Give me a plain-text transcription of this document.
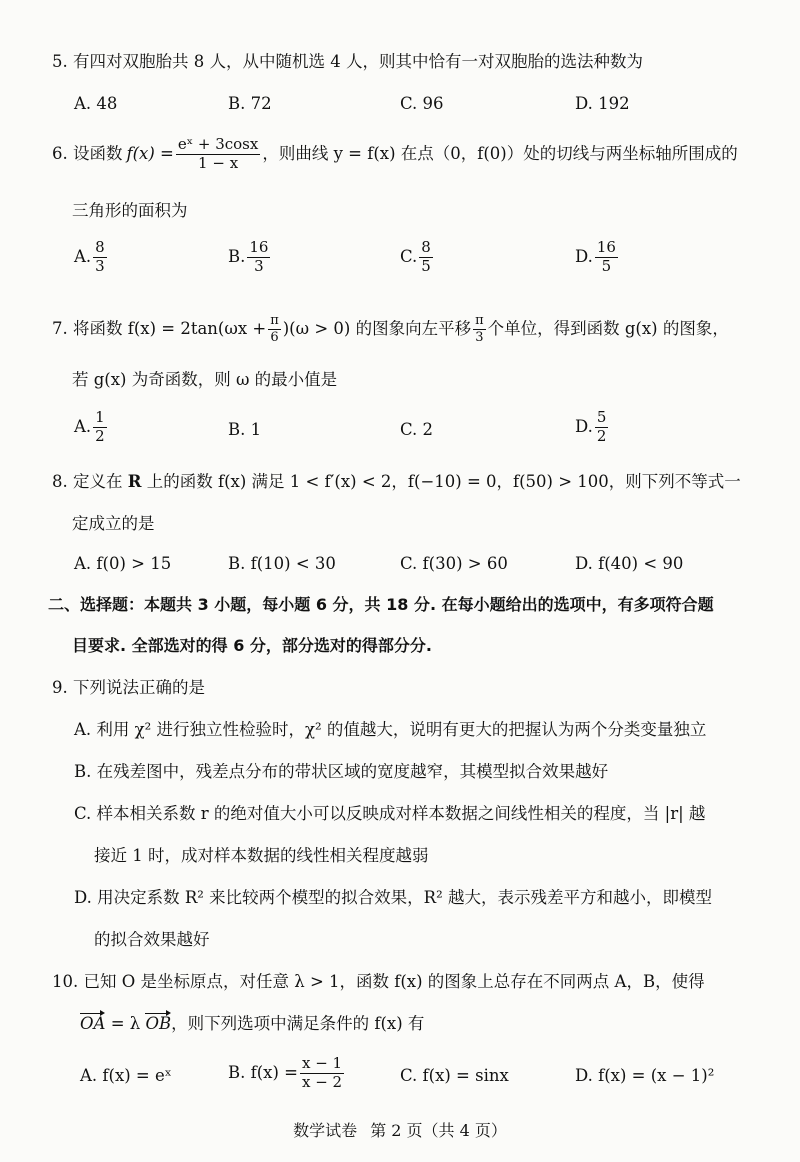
5. 有四对双胞胎共 8 人，从中随机选 4 人，则其中恰有一对双胞胎的选法种数为
A. 48	B. 72	C. 96	D. 192
6. 设函数 $f(x) = \frac{\text{eˣ + 3cosx}}{1 - x}$ ，则曲线 y = f(x) 在点（0，f(0)）处的切线与两坐标轴所围成的
三角形的面积为
A. $\frac{8}{3}$	B. $\frac{16}{3}$	C. $\frac{8}{5}$	D. $\frac{16}{5}$
7. 将函数 $f(x) = 2\tan(\omega x + \frac{\pi}{6} )(\omega > 0)$ 的图象向左平移 $\frac{\pi}{3}$ 个单位，得到函数 g(x) 的图象，
若 g(x) 为奇函数，则 ω 的最小值是
A. $\frac{1}{2}$	B. 1	C. 2	D. $\frac{5}{2}$
8. 定义在 R 上的函数 f(x) 满足 1 < f′(x) < 2，f(−10) = 0，f(50) > 100，则下列不等式一
定成立的是
A. f(0) > 15	B. f(10) < 30	C. f(30) > 60	D. f(40) < 90
二、选择题：本题共 3 小题，每小题 6 分，共 18 分. 在每小题给出的选项中，有多项符合题
目要求. 全部选对的得 6 分，部分选对的得部分分.
9. 下列说法正确的是
A. 利用 χ² 进行独立性检验时，χ² 的值越大，说明有更大的把握认为两个分类变量独立
B. 在残差图中，残差点分布的带状区域的宽度越窄，其模型拟合效果越好
C. 样本相关系数 r 的绝对值大小可以反映成对样本数据之间线性相关的程度，当 |r| 越
接近 1 时，成对样本数据的线性相关程度越弱
D. 用决定系数 R² 来比较两个模型的拟合效果，R² 越大，表示残差平方和越小，即模型
的拟合效果越好
10. 已知 O 是坐标原点，对任意 λ > 1，函数 f(x) 的图象上总存在不同两点 A，B，使得
OA = λ OB，则下列选项中满足条件的 f(x) 有
A. f(x) = eˣ	B. $f(x) = \frac{x - 1}{x - 2}$	C. f(x) = sinx	D. f(x) = (x − 1)²
数学试卷 第 2 页（共 4 页）
